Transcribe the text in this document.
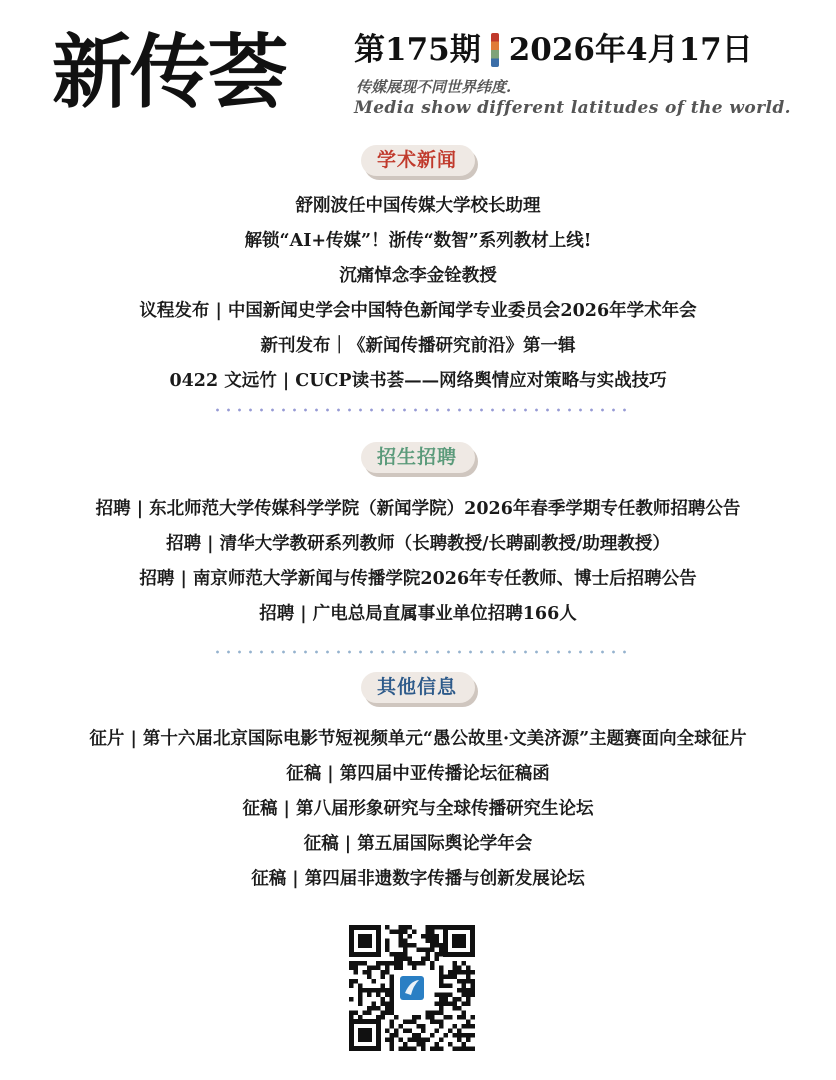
新传荟 第175期 2026年4月17日
传媒展现不同世界纬度.
Media show different latitudes of the world.
学术新闻
舒刚波任中国传媒大学校长助理
解锁“AI+传媒”！浙传“数智”系列教材上线!
沉痛悼念李金铨教授
议程发布 | 中国新闻史学会中国特色新闻学专业委员会2026年学术年会
新刊发布｜《新闻传播研究前沿》第一辑
0422 文远竹 | CUCP读书荟——网络舆情应对策略与实战技巧
招生招聘
招聘 | 东北师范大学传媒科学学院（新闻学院）2026年春季学期专任教师招聘公告
招聘 | 清华大学教研系列教师（长聘教授/长聘副教授/助理教授）
招聘 | 南京师范大学新闻与传播学院2026年专任教师、博士后招聘公告
招聘 | 广电总局直属事业单位招聘166人
其他信息
征片 | 第十六届北京国际电影节短视频单元“愚公故里·文美济源”主题赛面向全球征片
征稿 | 第四届中亚传播论坛征稿函
征稿 | 第八届形象研究与全球传播研究生论坛
征稿 | 第五届国际舆论学年会
征稿 | 第四届非遗数字传播与创新发展论坛
